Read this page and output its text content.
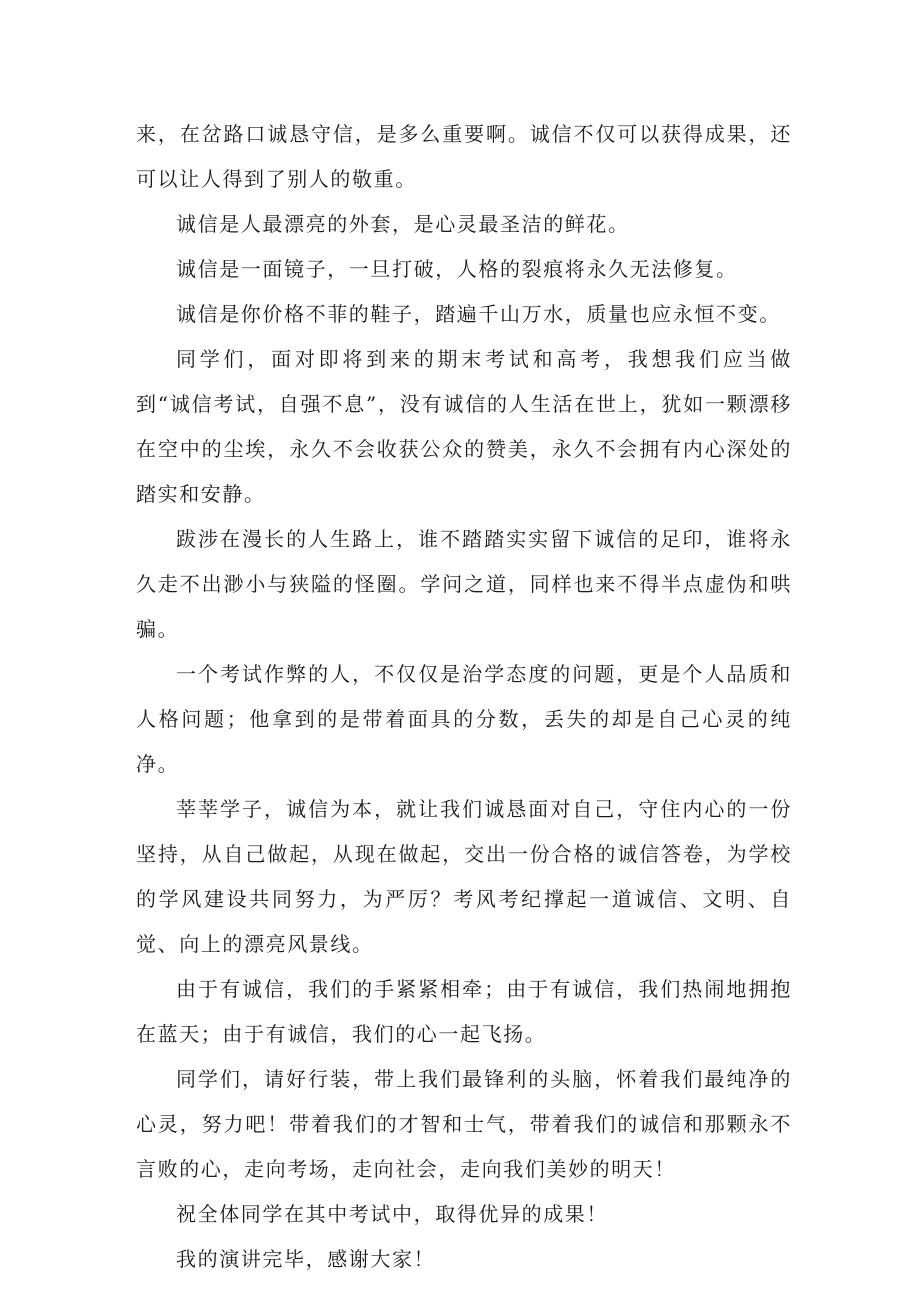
来，在岔路口诚恳守信，是多么重要啊。诚信不仅可以获得成果，还可以让人得到了别人的敬重。

诚信是人最漂亮的外套，是心灵最圣洁的鲜花。

诚信是一面镜子，一旦打破，人格的裂痕将永久无法修复。

诚信是你价格不菲的鞋子，踏遍千山万水，质量也应永恒不变。

同学们，面对即将到来的期末考试和高考，我想我们应当做到“诚信考试，自强不息”，没有诚信的人生活在世上，犹如一颗漂移在空中的尘埃，永久不会收获公众的赞美，永久不会拥有内心深处的踏实和安静。

跋涉在漫长的人生路上，谁不踏踏实实留下诚信的足印，谁将永久走不出渺小与狭隘的怪圈。学问之道，同样也来不得半点虚伪和哄骗。

一个考试作弊的人，不仅仅是治学态度的问题，更是个人品质和人格问题；他拿到的是带着面具的分数，丢失的却是自己心灵的纯净。

莘莘学子，诚信为本，就让我们诚恳面对自己，守住内心的一份坚持，从自己做起，从现在做起，交出一份合格的诚信答卷，为学校的学风建设共同努力，为严厉？考风考纪撑起一道诚信、文明、自觉、向上的漂亮风景线。

由于有诚信，我们的手紧紧相牵；由于有诚信，我们热闹地拥抱在蓝天；由于有诚信，我们的心一起飞扬。

同学们，请好行装，带上我们最锋利的头脑，怀着我们最纯净的心灵，努力吧！带着我们的才智和士气，带着我们的诚信和那颗永不言败的心，走向考场，走向社会，走向我们美妙的明天！

祝全体同学在其中考试中，取得优异的成果！

我的演讲完毕，感谢大家！
